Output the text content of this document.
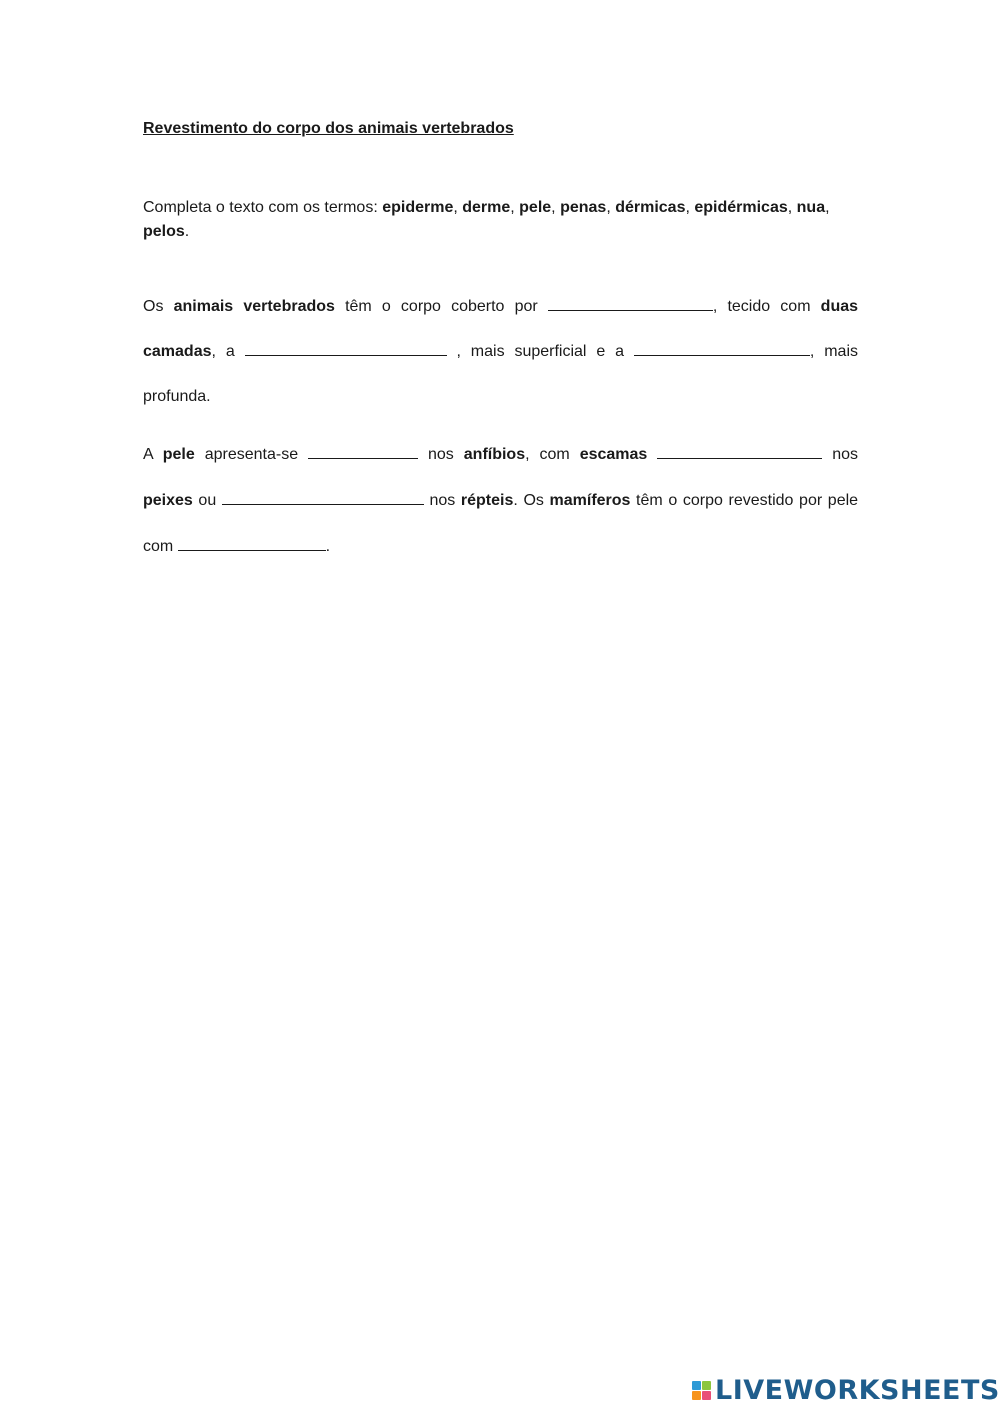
Revestimento do corpo dos animais vertebrados
Completa o texto com os termos: epiderme, derme, pele, penas, dérmicas, epidérmicas, nua, pelos.
Os animais vertebrados têm o corpo coberto por	, tecido com duas camadas, a	, mais superficial e a	, mais profunda.
A pele apresenta-se	nos anfíbios, com escamas	nos peixes ou	nos répteis. Os mamíferos têm o corpo revestido por pele com	.
LIVEWORKSHEETS
